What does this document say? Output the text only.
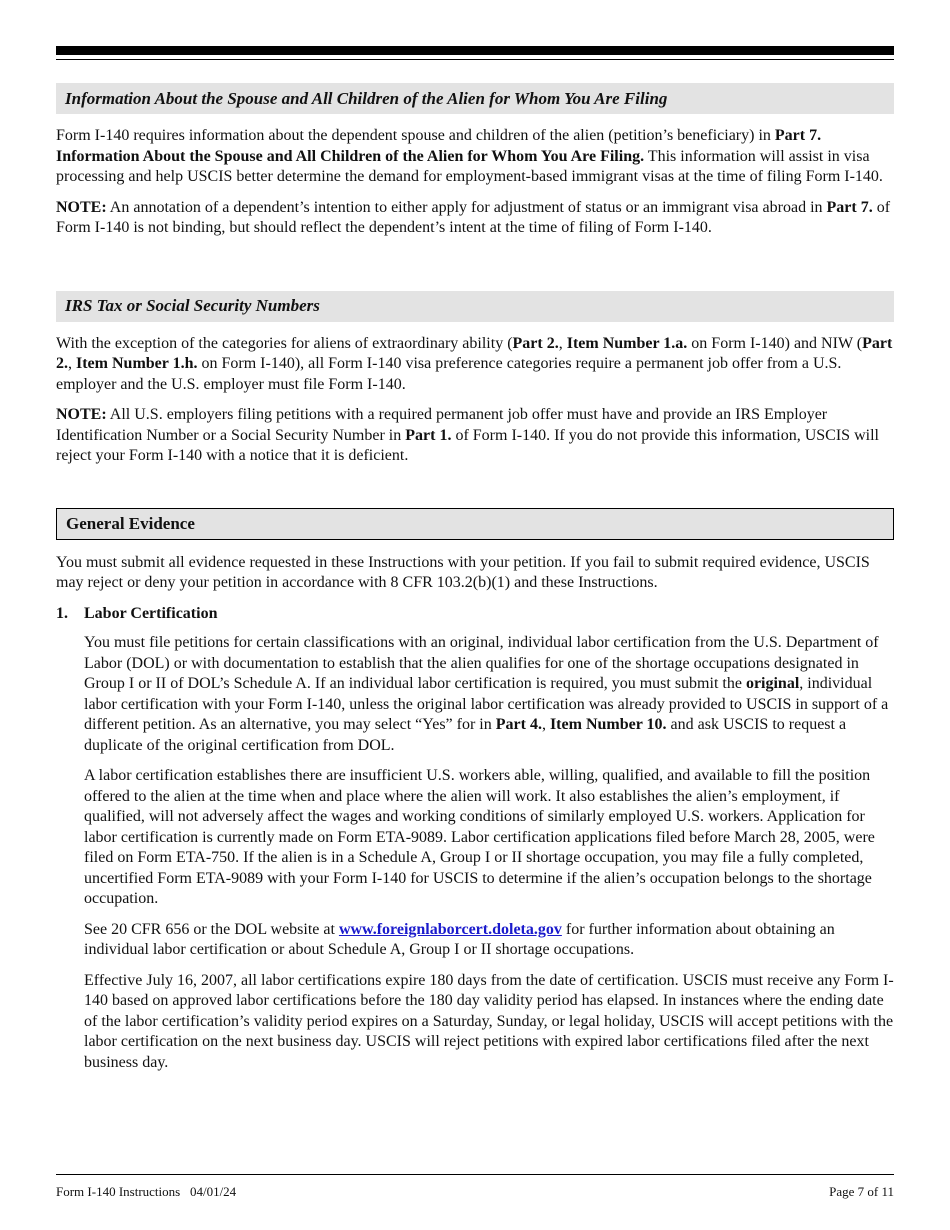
Information About the Spouse and All Children of the Alien for Whom You Are Filing

Form I-140 requires information about the dependent spouse and children of the alien (petition’s beneficiary) in Part 7. Information About the Spouse and All Children of the Alien for Whom You Are Filing. This information will assist in visa processing and help USCIS better determine the demand for employment-based immigrant visas at the time of filing Form I-140.

NOTE: An annotation of a dependent’s intention to either apply for adjustment of status or an immigrant visa abroad in Part 7. of Form I-140 is not binding, but should reflect the dependent’s intent at the time of filing of Form I-140.

IRS Tax or Social Security Numbers

With the exception of the categories for aliens of extraordinary ability (Part 2., Item Number 1.a. on Form I-140) and NIW (Part 2., Item Number 1.h. on Form I-140), all Form I-140 visa preference categories require a permanent job offer from a U.S. employer and the U.S. employer must file Form I-140.

NOTE: All U.S. employers filing petitions with a required permanent job offer must have and provide an IRS Employer Identification Number or a Social Security Number in Part 1. of Form I-140. If you do not provide this information, USCIS will reject your Form I-140 with a notice that it is deficient.

General Evidence

You must submit all evidence requested in these Instructions with your petition. If you fail to submit required evidence, USCIS may reject or deny your petition in accordance with 8 CFR 103.2(b)(1) and these Instructions.

1.	Labor Certification

You must file petitions for certain classifications with an original, individual labor certification from the U.S. Department of Labor (DOL) or with documentation to establish that the alien qualifies for one of the shortage occupations designated in Group I or II of DOL’s Schedule A. If an individual labor certification is required, you must submit the original, individual labor certification with your Form I-140, unless the original labor certification was already provided to USCIS in support of a different petition. As an alternative, you may select “Yes” for in Part 4., Item Number 10. and ask USCIS to request a duplicate of the original certification from DOL.

A labor certification establishes there are insufficient U.S. workers able, willing, qualified, and available to fill the position offered to the alien at the time when and place where the alien will work. It also establishes the alien’s employment, if qualified, will not adversely affect the wages and working conditions of similarly employed U.S. workers. Application for labor certification is currently made on Form ETA-9089. Labor certification applications filed before March 28, 2005, were filed on Form ETA-750. If the alien is in a Schedule A, Group I or II shortage occupation, you may file a fully completed, uncertified Form ETA-9089 with your Form I-140 for USCIS to determine if the alien’s occupation belongs to the shortage occupation.

See 20 CFR 656 or the DOL website at www.foreignlaborcert.doleta.gov for further information about obtaining an individual labor certification or about Schedule A, Group I or II shortage occupations.

Effective July 16, 2007, all labor certifications expire 180 days from the date of certification. USCIS must receive any Form I-140 based on approved labor certifications before the 180 day validity period has elapsed. In instances where the ending date of the labor certification’s validity period expires on a Saturday, Sunday, or legal holiday, USCIS will accept petitions with the labor certification on the next business day. USCIS will reject petitions with expired labor certifications filed after the next business day.

Form I-140 Instructions   04/01/24	Page 7 of 11
